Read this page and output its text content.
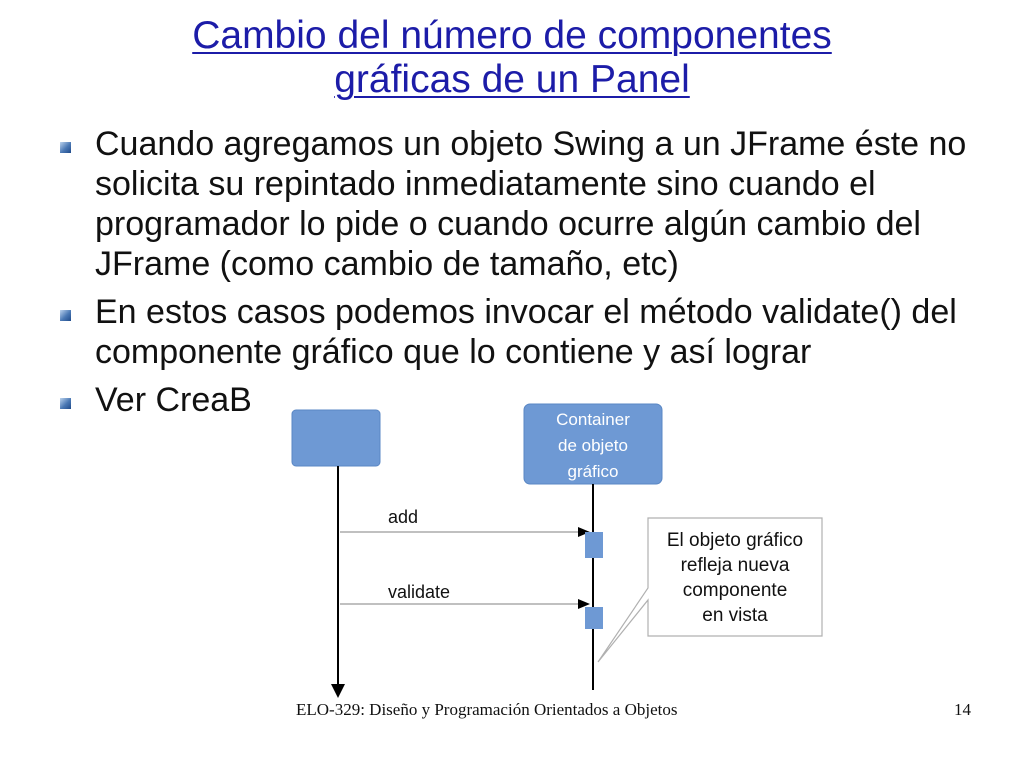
Cambio del número de componentes
gráficas de un Panel
Cuando agregamos un objeto Swing a un JFrame éste no solicita su repintado inmediatamente sino cuando el programador lo pide o cuando ocurre algún cambio del JFrame (como cambio de tamaño, etc)
En estos casos podemos invocar el método validate() del componente gráfico que lo contiene y así lograr
Ver CreaB
Container
de objeto
gráfico
add
validate
El objeto gráfico
refleja nueva
componente
en vista
ELO-329: Diseño y Programación Orientados a Objetos	14
